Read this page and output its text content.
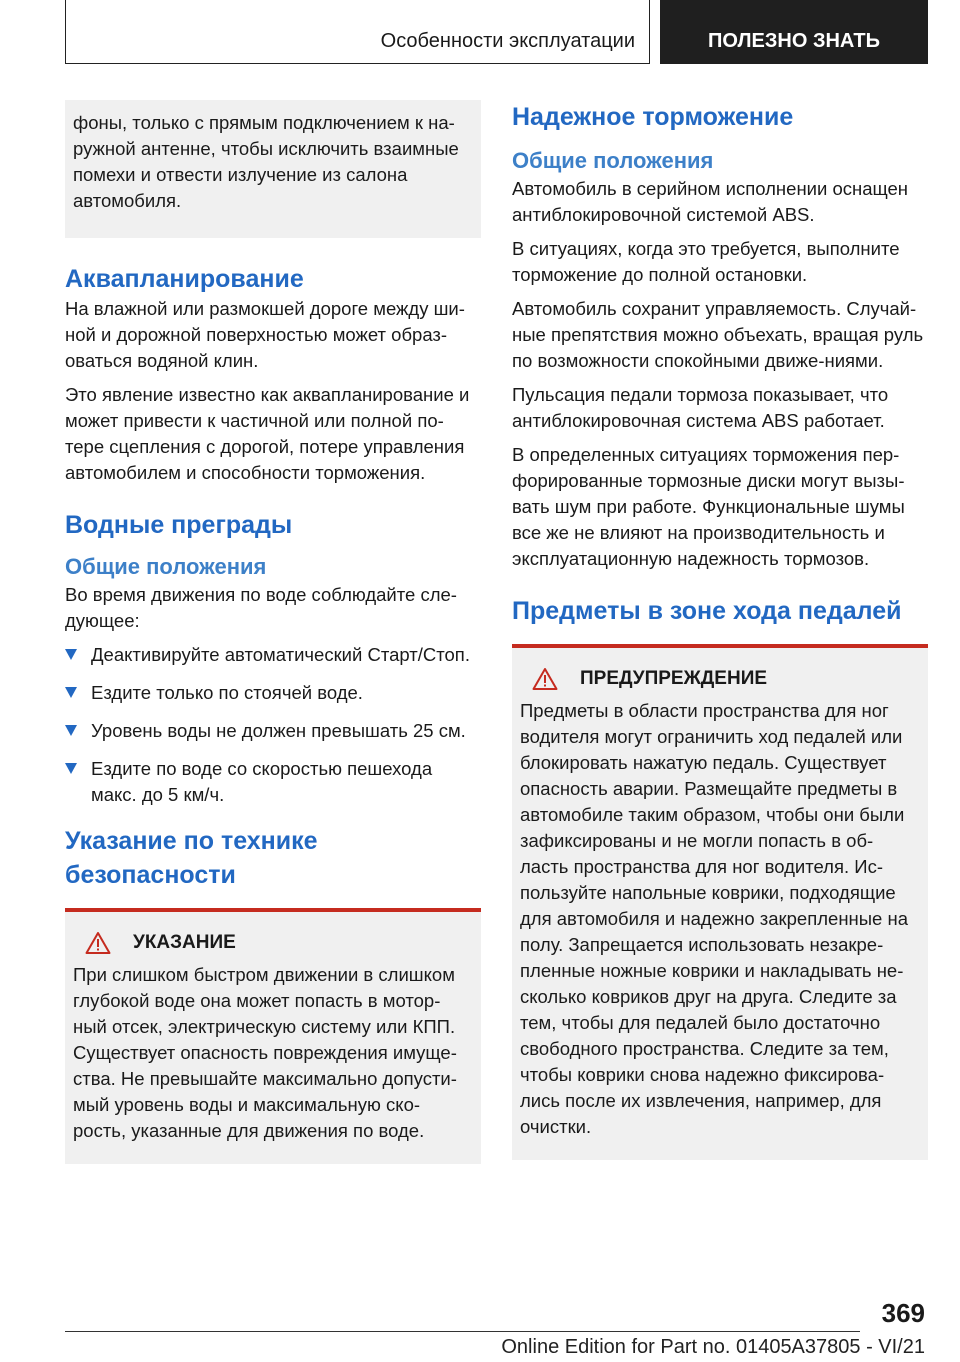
Особенности эксплуатации	ПОЛЕЗНО ЗНАТЬ

фоны, только с прямым подключением к на-ружной антенне, чтобы исключить взаимные помехи и отвести излучение из салона автомобиля.

Аквапланирование

На влажной или размокшей дороге между ши-ной и дорожной поверхностью может образ-оваться водяной клин.

Это явление известно как аквапланирование и может привести к частичной или полной по-тере сцепления с дорогой, потере управления автомобилем и способности торможения.

Водные преграды
Общие положения

Во время движения по воде соблюдайте сле-дующее:

Деактивируйте автоматический Старт/Стоп.
Ездите только по стоячей воде.
Уровень воды не должен превышать 25 см.
Ездите по воде со скоростью пешехода макс. до 5 км/ч.
Указание по технике безопасности
УКАЗАНИЕ

При слишком быстром движении в слишком глубокой воде она может попасть в мотор-ный отсек, электрическую систему или КПП. Существует опасность повреждения имуще-ства. Не превышайте максимально допусти-мый уровень воды и максимальную ско-рость, указанные для движения по воде.

Надежное торможение
Общие положения

Автомобиль в серийном исполнении оснащен антиблокировочной системой ABS.

В ситуациях, когда это требуется, выполните торможение до полной остановки.

Автомобиль сохранит управляемость. Случай-ные препятствия можно объехать, вращая руль по возможности спокойными движе-ниями.

Пульсация педали тормоза показывает, что антиблокировочная система ABS работает.

В определенных ситуациях торможения пер-форированные тормозные диски могут вызы-вать шум при работе. Функциональные шумы все же не влияют на производительность и эксплуатационную надежность тормозов.

Предметы в зоне хода педалей
ПРЕДУПРЕЖДЕНИЕ

Предметы в области пространства для ног водителя могут ограничить ход педалей или блокировать нажатую педаль. Существует опасность аварии. Размещайте предметы в автомобиле таким образом, чтобы они были зафиксированы и не могли попасть в об-ласть пространства для ног водителя. Ис-пользуйте напольные коврики, подходящие для автомобиля и надежно закрепленные на полу. Запрещается использовать незакре-пленные ножные коврики и накладывать не-сколько ковриков друг на друга. Следите за тем, чтобы для педалей было достаточно свободного пространства. Следите за тем, чтобы коврики снова надежно фиксирова-лись после их извлечения, например, для очистки.

369
Online Edition for Part no. 01405A37805 - VI/21
